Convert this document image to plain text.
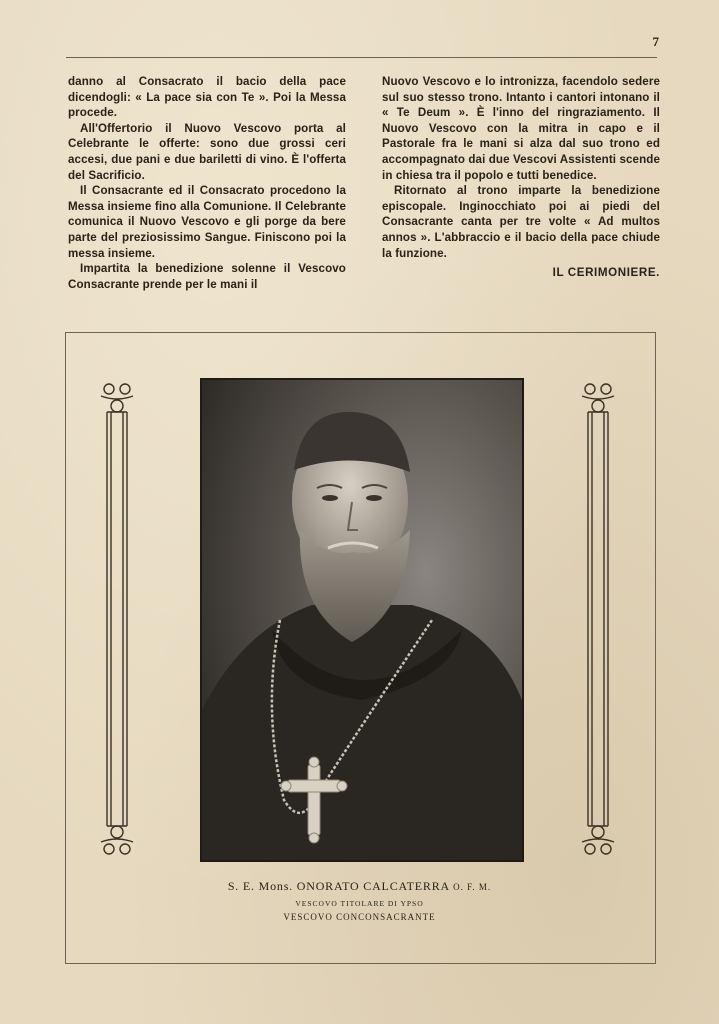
7

danno al Consacrato il bacio della pace dicendogli: « La pace sia con Te ». Poi la Messa procede.

All'Offertorio il Nuovo Vescovo porta al Celebrante le offerte: sono due grossi ceri accesi, due pani e due bariletti di vino. È l'offerta del Sacrificio.

Il Consacrante ed il Consacrato procedono la Messa insieme fino alla Comunione. Il Celebrante comunica il Nuovo Vescovo e gli porge da bere parte del preziosissimo Sangue. Finiscono poi la messa insieme.

Impartita la benedizione solenne il Vescovo Consacrante prende per le mani il

Nuovo Vescovo e lo intronizza, facendolo sedere sul suo stesso trono. Intanto i cantori intonano il « Te Deum ». È l'inno del ringraziamento. Il Nuovo Vescovo con la mitra in capo e il Pastorale fra le mani si alza dal suo trono ed accompagnato dai due Vescovi Assistenti scende in chiesa tra il popolo e tutti benedice.

Ritornato al trono imparte la benedizione episcopale. Inginocchiato poi ai piedi del Consacrante canta per tre volte « Ad multos annos ». L'abbraccio e il bacio della pace chiude la funzione.

IL CERIMONIERE.

S. E. Mons. ONORATO CALCATERRA O. F. M.
VESCOVO TITOLARE DI YPSO
VESCOVO CONCONSACRANTE
